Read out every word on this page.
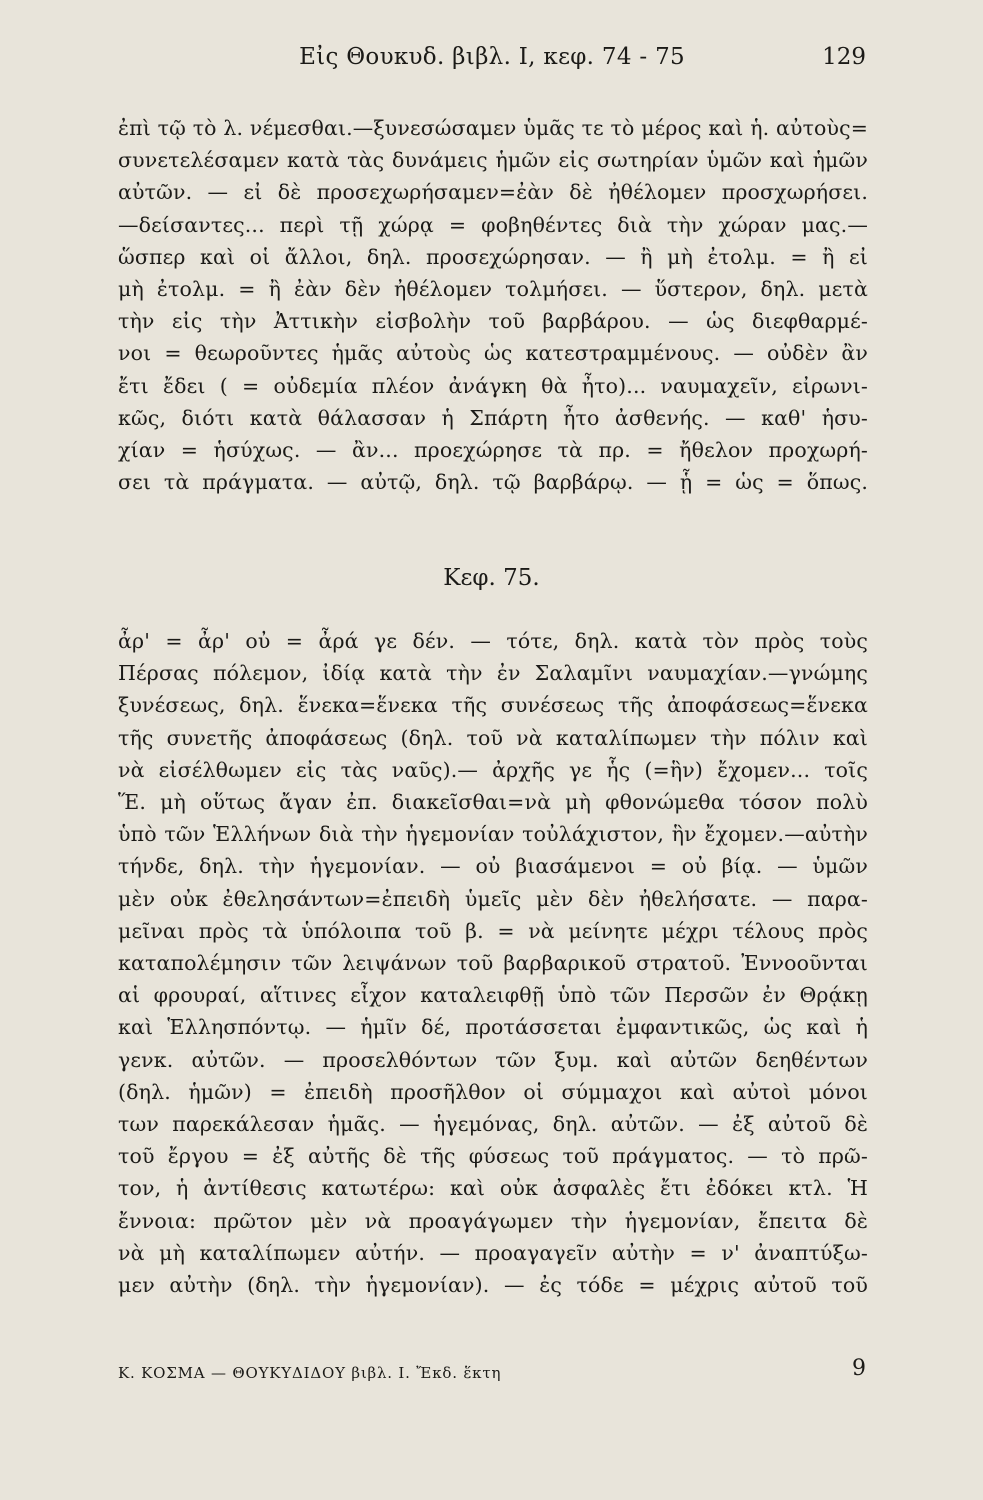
Εἰς Θουκυδ. βιβλ. I, κεφ. 74 - 75	129
ἐπὶ τῷ τὸ λ. νέμεσθαι.—ξυνεσώσαμεν ὑμᾶς τε τὸ μέρος καὶ ἡ. αὐτοὺς=
συνετελέσαμεν κατὰ τὰς δυνάμεις ἡμῶν εἰς σωτηρίαν ὑμῶν καὶ ἡμῶν
αὐτῶν. — εἰ δὲ προσεχωρήσαμεν=ἐὰν δὲ ἠθέλομεν προσχωρήσει.
—δείσαντες... περὶ τῇ χώρᾳ = φοβηθέντες διὰ τὴν χώραν μας.—
ὥσπερ καὶ οἱ ἄλλοι, δηλ. προσεχώρησαν. — ἢ μὴ ἐτολμ. = ἢ εἰ
μὴ ἐτολμ. = ἢ ἐὰν δὲν ἠθέλομεν τολμήσει. — ὕστερον, δηλ. μετὰ
τὴν εἰς τὴν Ἀττικὴν εἰσβολὴν τοῦ βαρβάρου. — ὡς διεφθαρμέ-
νοι = θεωροῦντες ἡμᾶς αὐτοὺς ὡς κατεστραμμένους. — οὐδὲν ἂν
ἔτι ἔδει ( = οὐδεμία πλέον ἀνάγκη θὰ ἦτο)... ναυμαχεῖν, εἰρωνι-
κῶς, διότι κατὰ θάλασσαν ἡ Σπάρτη ἦτο ἀσθενής. — καθ' ἡσυ-
χίαν = ἡσύχως. — ἂν... προεχώρησε τὰ πρ. = ἤθελον προχωρή-
σει τὰ πράγματα. — αὐτῷ, δηλ. τῷ βαρβάρῳ. — ᾗ = ὡς = ὅπως.
Κεφ. 75.
ἆρ' = ἆρ' οὐ = ἆρά γε δέν. — τότε, δηλ. κατὰ τὸν πρὸς τοὺς
Πέρσας πόλεμον, ἰδίᾳ κατὰ τὴν ἐν Σαλαμῖνι ναυμαχίαν.—γνώμης
ξυνέσεως, δηλ. ἕνεκα=ἕνεκα τῆς συνέσεως τῆς ἀποφάσεως=ἕνεκα
τῆς συνετῆς ἀποφάσεως (δηλ. τοῦ νὰ καταλίπωμεν τὴν πόλιν καὶ
νὰ εἰσέλθωμεν εἰς τὰς ναῦς).— ἀρχῆς γε ἧς (=ἣν) ἔχομεν... τοῖς
Ἕ. μὴ οὕτως ἄγαν ἐπ. διακεῖσθαι=νὰ μὴ φθονώμεθα τόσον πολὺ
ὑπὸ τῶν Ἑλλήνων διὰ τὴν ἡγεμονίαν τοὐλάχιστον, ἣν ἔχομεν.—αὐτὴν
τήνδε, δηλ. τὴν ἡγεμονίαν. — οὐ βιασάμενοι = οὐ βίᾳ. — ὑμῶν
μὲν οὐκ ἐθελησάντων=ἐπειδὴ ὑμεῖς μὲν δὲν ἠθελήσατε. — παρα-
μεῖναι πρὸς τὰ ὑπόλοιπα τοῦ β. = νὰ μείνητε μέχρι τέλους πρὸς
καταπολέμησιν τῶν λειψάνων τοῦ βαρβαρικοῦ στρατοῦ. Ἐννοοῦνται
αἱ φρουραί, αἵτινες εἶχον καταλειφθῇ ὑπὸ τῶν Περσῶν ἐν Θρᾴκῃ
καὶ Ἑλλησπόντῳ. — ἡμῖν δέ, προτάσσεται ἐμφαντικῶς, ὡς καὶ ἡ
γενκ. αὐτῶν. — προσελθόντων τῶν ξυμ. καὶ αὐτῶν δεηθέντων
(δηλ. ἡμῶν) = ἐπειδὴ προσῆλθον οἱ σύμμαχοι καὶ αὐτοὶ μόνοι
των παρεκάλεσαν ἡμᾶς. — ἡγεμόνας, δηλ. αὐτῶν. — ἐξ αὐτοῦ δὲ
τοῦ ἔργου = ἐξ αὐτῆς δὲ τῆς φύσεως τοῦ πράγματος. — τὸ πρῶ-
τον, ἡ ἀντίθεσις κατωτέρω: καὶ οὐκ ἀσφαλὲς ἔτι ἐδόκει κτλ. Ἡ
ἔννοια: πρῶτον μὲν νὰ προαγάγωμεν τὴν ἡγεμονίαν, ἔπειτα δὲ
νὰ μὴ καταλίπωμεν αὐτήν. — προαγαγεῖν αὐτὴν = ν' ἀναπτύξω-
μεν αὐτὴν (δηλ. τὴν ἡγεμονίαν). — ἐς τόδε = μέχρις αὐτοῦ τοῦ
Κ. ΚΟΣΜΑ — ΘΟΥΚΥΔΙΔΟΥ βιβλ. Ι. Ἔκδ. ἕκτη	9
